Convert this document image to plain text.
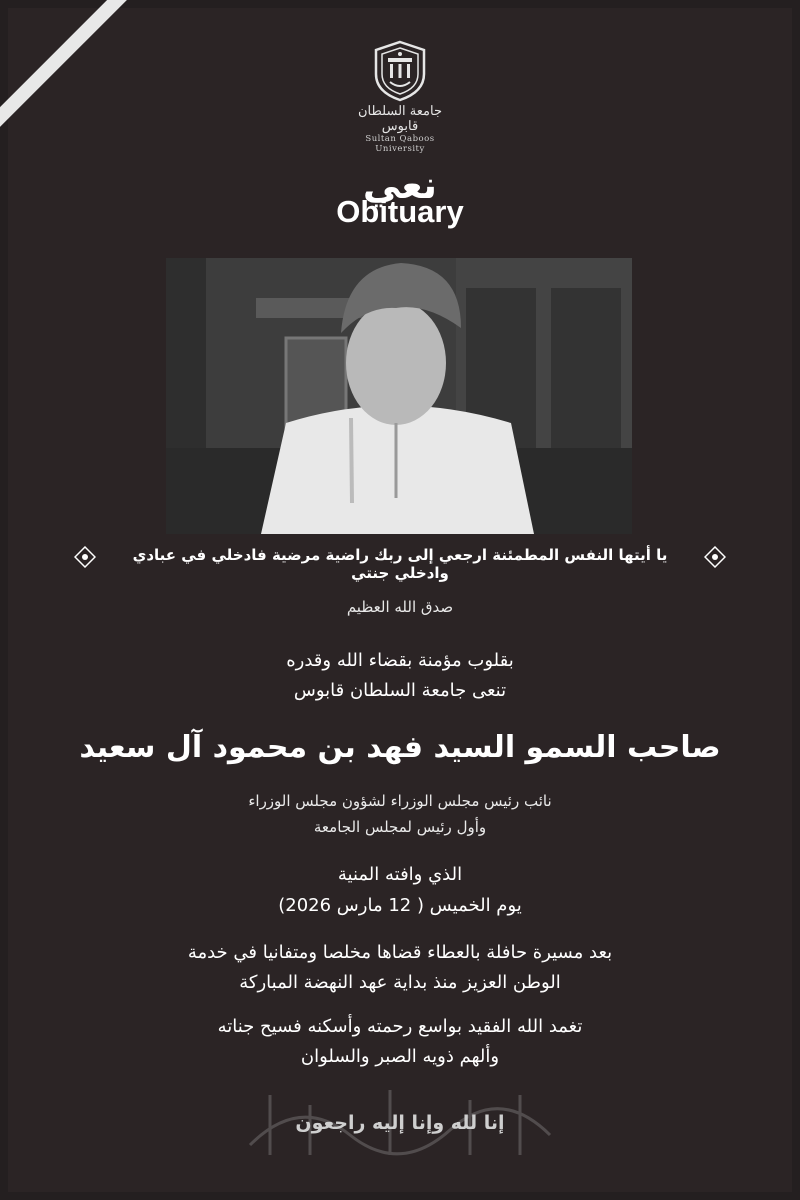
جامعة السلطان قابوس
Sultan Qaboos University
نعي
Obituary
يا أيتها النفس المطمئنة ارجعي إلى ربك راضية مرضية فادخلي في عبادي وادخلي جنتي
صدق الله العظيم
بقلوب مؤمنة بقضاء الله وقدره
تنعى جامعة السلطان قابوس
صاحب السمو السيد فهد بن محمود آل سعيد
نائب رئيس مجلس الوزراء لشؤون مجلس الوزراء
وأول رئيس لمجلس الجامعة
الذي وافته المنية
يوم الخميس ( 12 مارس 2026)
بعد مسيرة حافلة بالعطاء قضاها مخلصا ومتفانيا في خدمة
الوطن العزيز منذ بداية عهد النهضة المباركة
تغمد الله الفقيد بواسع رحمته وأسكنه فسيح جناته
وألهم ذويه الصبر والسلوان
إنا لله وإنا إليه راجعون
